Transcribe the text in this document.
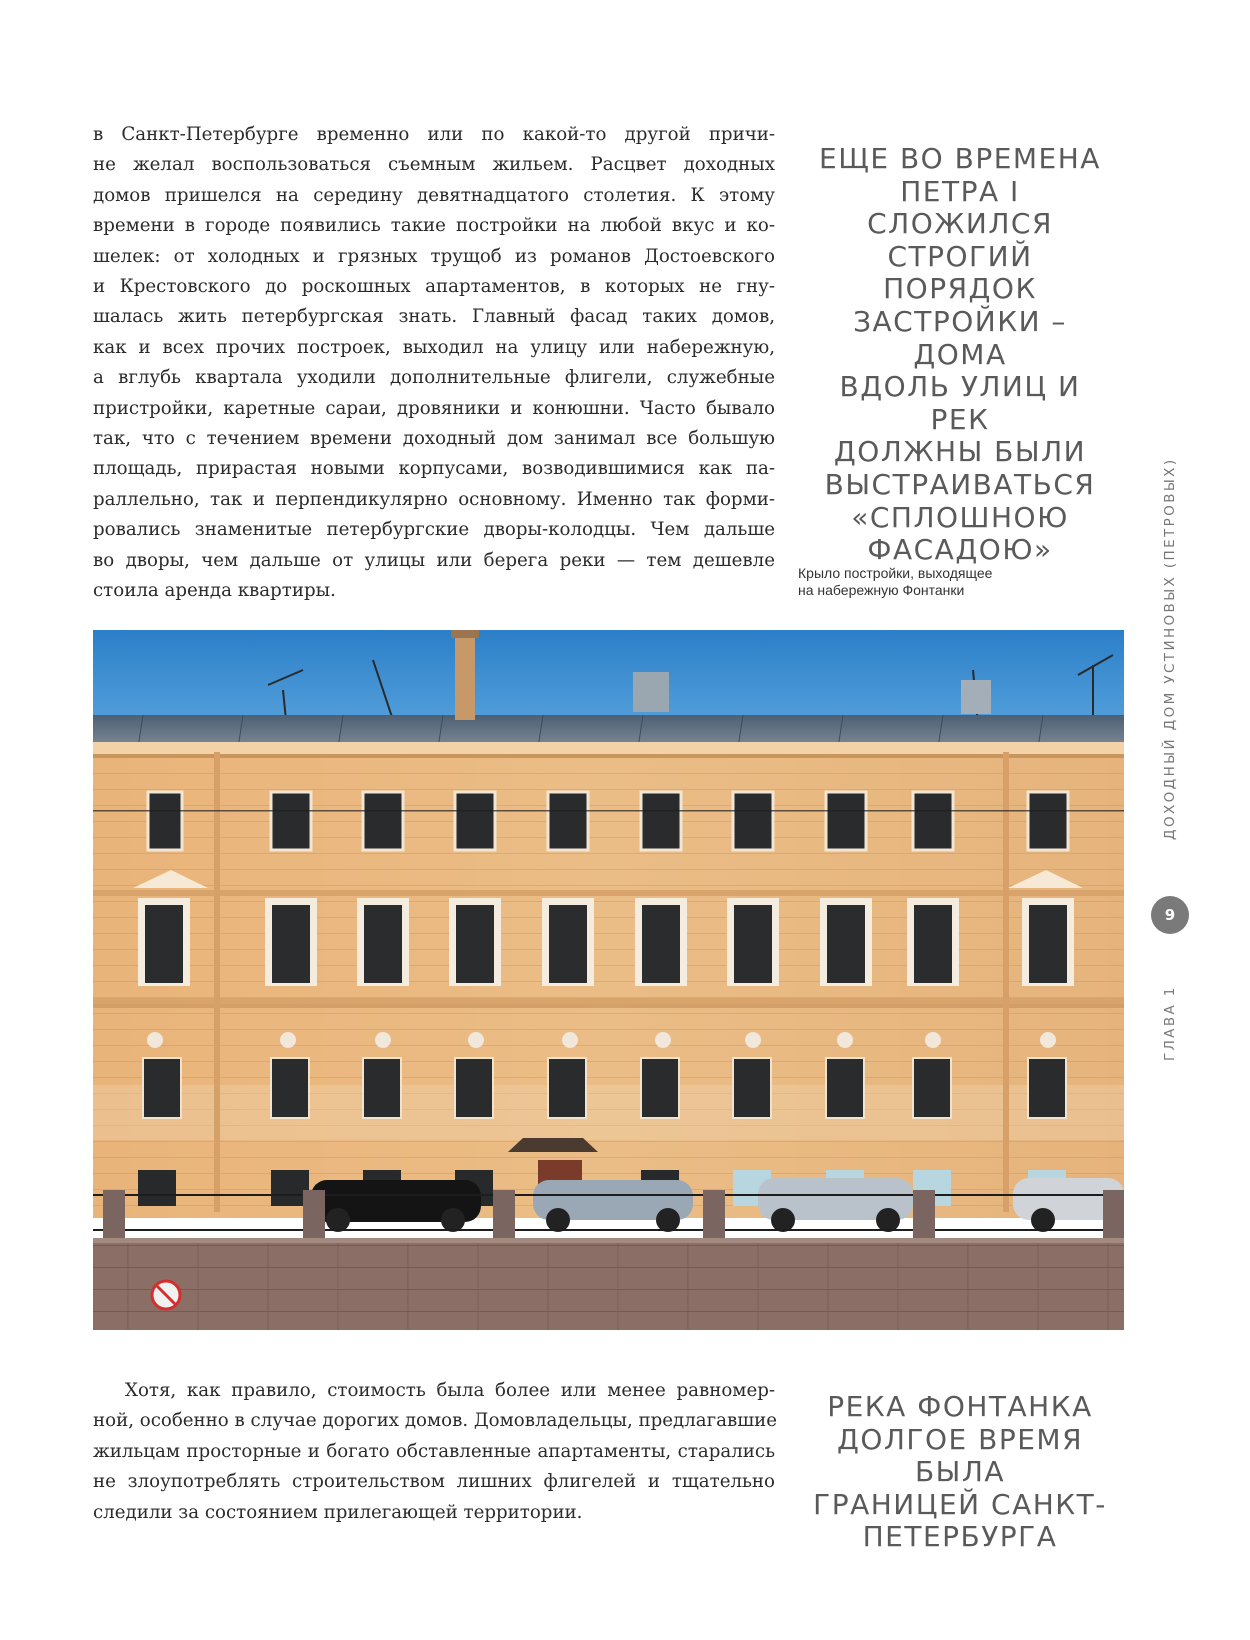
в Санкт-Петербурге временно или по какой-то другой причи-
не желал воспользоваться съемным жильем. Расцвет доходных
домов пришелся на середину девятнадцатого столетия. К этому
времени в городе появились такие постройки на любой вкус и ко-
шелек: от холодных и грязных трущоб из романов Достоевского
и Крестовского до роскошных апартаментов, в которых не гну-
шалась жить петербургская знать. Главный фасад таких домов,
как и всех прочих построек, выходил на улицу или набережную,
а вглубь квартала уходили дополнительные флигели, служебные
пристройки, каретные сараи, дровяники и конюшни. Часто бывало
так, что с течением времени доходный дом занимал все большую
площадь, прирастая новыми корпусами, возводившимися как па-
раллельно, так и перпендикулярно основному. Именно так форми-
ровались знаменитые петербургские дворы-колодцы. Чем дальше
во дворы, чем дальше от улицы или берега реки — тем дешевле
стоила аренда квартиры.
ЕЩЕ ВО ВРЕМЕНА
ПЕТРА I СЛОЖИЛСЯ
СТРОГИЙ ПОРЯДОК
ЗАСТРОЙКИ – ДОМА
ВДОЛЬ УЛИЦ И РЕК
ДОЛЖНЫ БЫЛИ
ВЫСТРАИВАТЬСЯ
«СПЛОШНОЮ
ФАСАДОЮ»
Крыло постройки, выходящее
на набережную Фонтанки	ДОХОДНЫЙ ДОМ УСТИНОВЫХ (ПЕТРОВЫХ)
9
ГЛАВА 1
Хотя, как правило, стоимость была более или менее равномер-
ной, особенно в случае дорогих домов. Домовладельцы, предлагавшие
жильцам просторные и богато обставленные апартаменты, старались
не злоупотреблять строительством лишних флигелей и тщательно
следили за состоянием прилегающей территории.
РЕКА ФОНТАНКА
ДОЛГОЕ ВРЕМЯ БЫЛА
ГРАНИЦЕЙ САНКТ-
ПЕТЕРБУРГА
